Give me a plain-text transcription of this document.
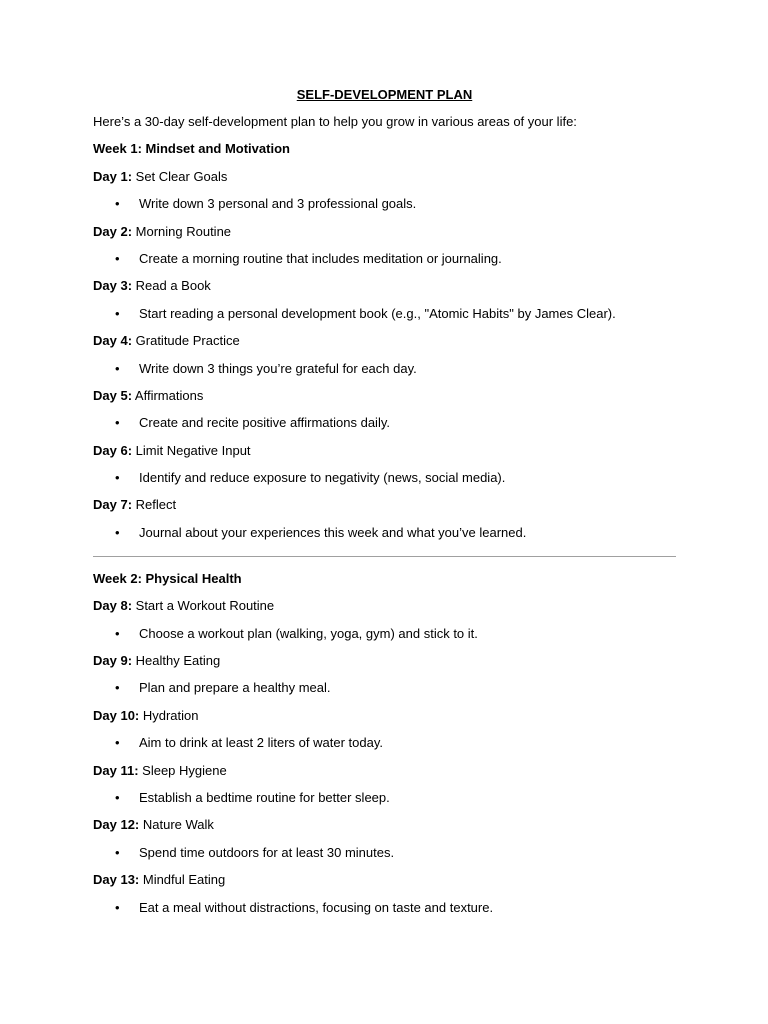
SELF-DEVELOPMENT PLAN
Here’s a 30-day self-development plan to help you grow in various areas of your life:
Week 1: Mindset and Motivation
Day 1: Set Clear Goals
• Write down 3 personal and 3 professional goals.
Day 2: Morning Routine
• Create a morning routine that includes meditation or journaling.
Day 3: Read a Book
• Start reading a personal development book (e.g., "Atomic Habits" by James Clear).
Day 4: Gratitude Practice
• Write down 3 things you’re grateful for each day.
Day 5: Affirmations
• Create and recite positive affirmations daily.
Day 6: Limit Negative Input
• Identify and reduce exposure to negativity (news, social media).
Day 7: Reflect
• Journal about your experiences this week and what you’ve learned.
Week 2: Physical Health
Day 8: Start a Workout Routine
• Choose a workout plan (walking, yoga, gym) and stick to it.
Day 9: Healthy Eating
• Plan and prepare a healthy meal.
Day 10: Hydration
• Aim to drink at least 2 liters of water today.
Day 11: Sleep Hygiene
• Establish a bedtime routine for better sleep.
Day 12: Nature Walk
• Spend time outdoors for at least 30 minutes.
Day 13: Mindful Eating
• Eat a meal without distractions, focusing on taste and texture.
